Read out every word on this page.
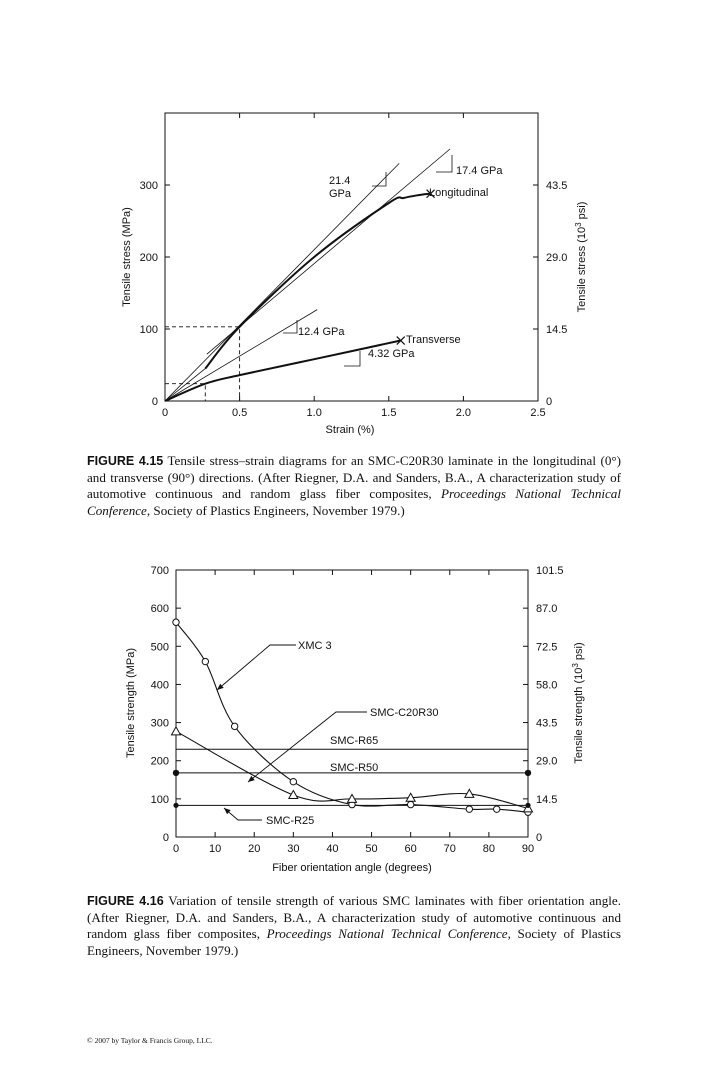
0	0.5	1.0	1.5	2.0	2.5
0	0
100	14.5
200	29.0
300	43.5
21.4
GPa
17.4 GPa
Longitudinal
12.4 GPa
Transverse
4.32 GPa
Strain (%)
Tensile stress (MPa)	Tensile stress ($10^3$ psi)

FIGURE 4.15 Tensile stress–strain diagrams for an SMC-C20R30 laminate in the longitudinal (0°) and transverse (90°) directions. (After Riegner, D.A. and Sanders, B.A., A characterization study of automotive continuous and random glass fiber composites, Proceedings National Technical Conference, Society of Plastics Engineers, November 1979.)

0	10 20 30 40 50 60 70 80 90
0	0
100	14.5
200	29.0
300	43.5
400	58.0
500	72.5
600	87.0
700	101.5
XMC 3
SMC-C20R30
SMC-R65
SMC-R50
SMC-R25
Fiber orientation angle (degrees)
Tensile strength (MPa)	Tensile strength ($10^3$ psi)

FIGURE 4.16 Variation of tensile strength of various SMC laminates with fiber orientation angle. (After Riegner, D.A. and Sanders, B.A., A characterization study of automotive continuous and random glass fiber composites, Proceedings National Technical Conference, Society of Plastics Engineers, November 1979.)

© 2007 by Taylor & Francis Group, LLC.
